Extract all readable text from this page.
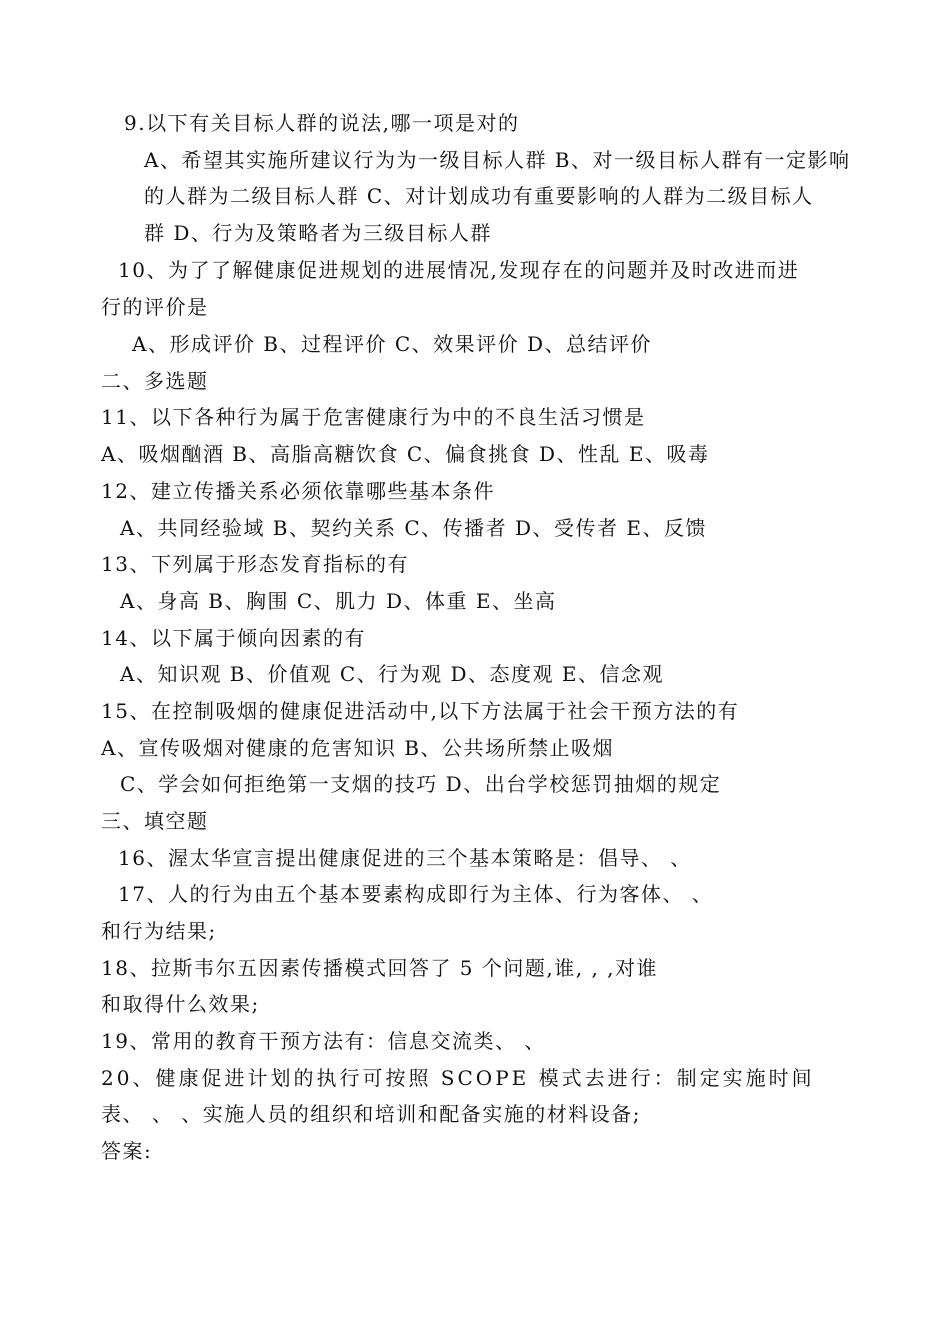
9.以下有关目标人群的说法,哪一项是对的
A、希望其实施所建议行为为一级目标人群 B、对一级目标人群有一定影响
的人群为二级目标人群 C、对计划成功有重要影响的人群为二级目标人
群 D、行为及策略者为三级目标人群
10、为了了解健康促进规划的进展情况,发现存在的问题并及时改进而进
行的评价是
A、形成评价 B、过程评价 C、效果评价 D、总结评价
二、多选题
11、以下各种行为属于危害健康行为中的不良生活习惯是
A、吸烟酗酒 B、高脂高糖饮食 C、偏食挑食 D、性乱 E、吸毒
12、建立传播关系必须依靠哪些基本条件
A、共同经验域 B、契约关系 C、传播者 D、受传者 E、反馈
13、下列属于形态发育指标的有
A、身高 B、胸围 C、肌力 D、体重 E、坐高
14、以下属于倾向因素的有
A、知识观 B、价值观 C、行为观 D、态度观 E、信念观
15、在控制吸烟的健康促进活动中,以下方法属于社会干预方法的有
A、宣传吸烟对健康的危害知识 B、公共场所禁止吸烟
C、学会如何拒绝第一支烟的技巧 D、出台学校惩罚抽烟的规定
三、填空题
16、渥太华宣言提出健康促进的三个基本策略是：倡导、 、
17、人的行为由五个基本要素构成即行为主体、行为客体、 、
和行为结果;
18、拉斯韦尔五因素传播模式回答了 5 个问题,谁, , ,对谁
和取得什么效果;
19、常用的教育干预方法有：信息交流类、 、
20、健康促进计划的执行可按照 SCOPE 模式去进行：制定实施时间
表、 、 、实施人员的组织和培训和配备实施的材料设备;
答案:
